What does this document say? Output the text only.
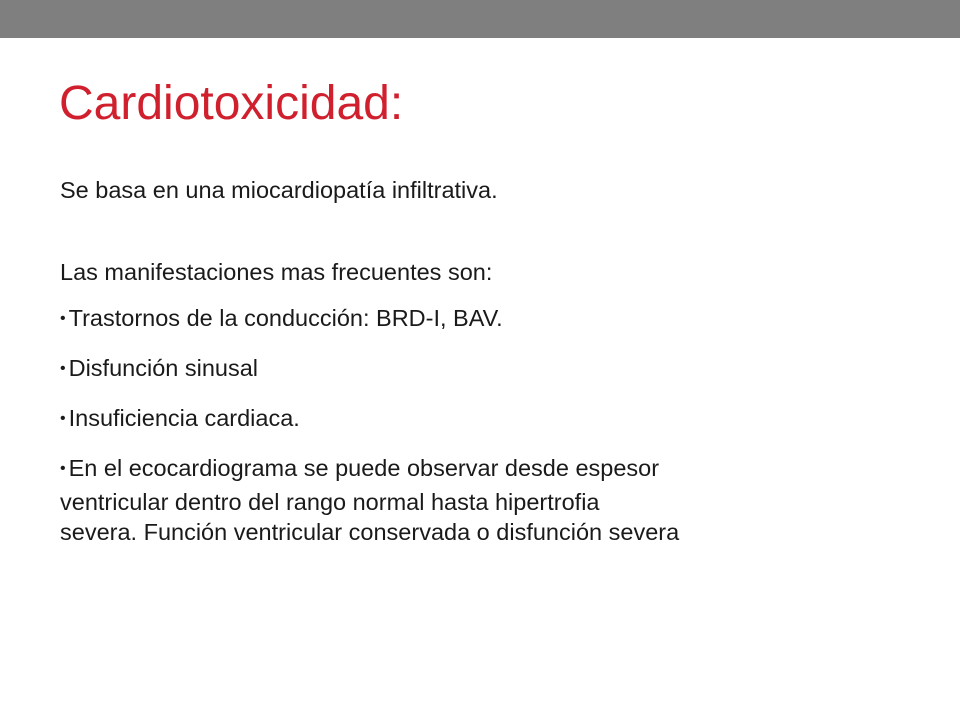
Cardiotoxicidad:

Se basa en una miocardiopatía infiltrativa.

Las manifestaciones mas frecuentes son:

• Trastornos de la conducción: BRD-I, BAV.
• Disfunción sinusal
• Insuficiencia cardiaca.
• En el ecocardiograma se puede observar desde espesor
ventricular dentro del rango normal hasta hipertrofia
severa. Función ventricular conservada o disfunción severa
